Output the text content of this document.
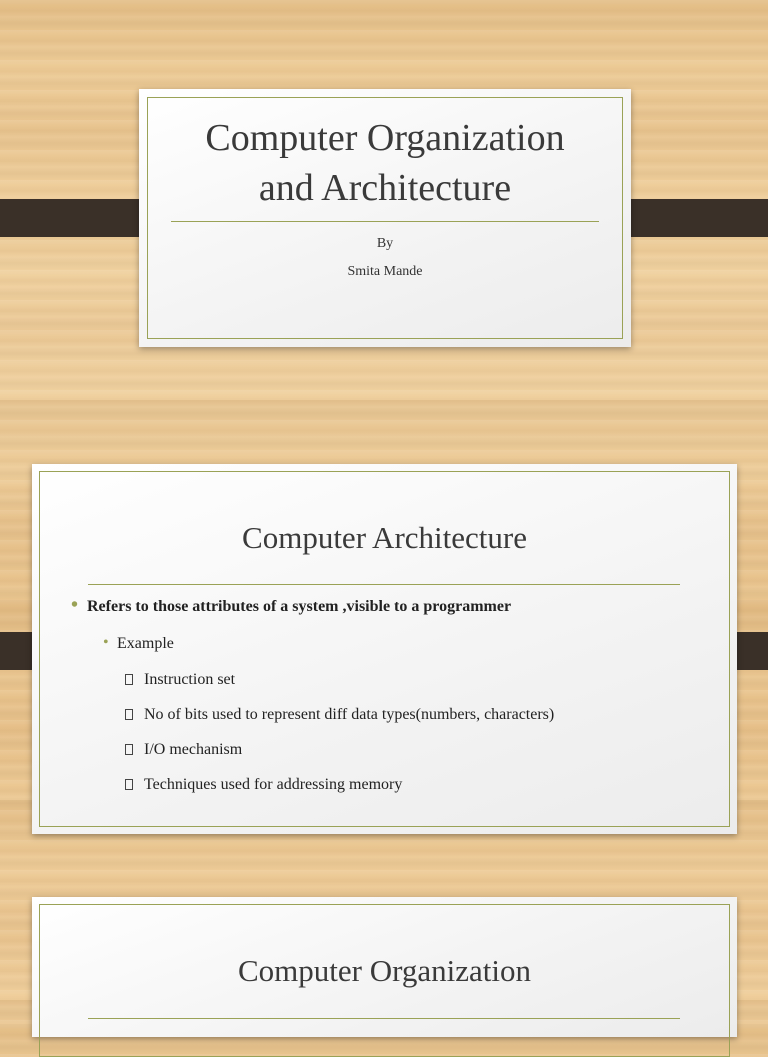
Computer Organization
and Architecture
By
Smita Mande
Computer Architecture
• Refers to those attributes of a system ,visible to a programmer
• Example
Instruction set
No of bits used to represent diff data types(numbers, characters)
I/O mechanism
Techniques used for addressing memory
Computer Organization
